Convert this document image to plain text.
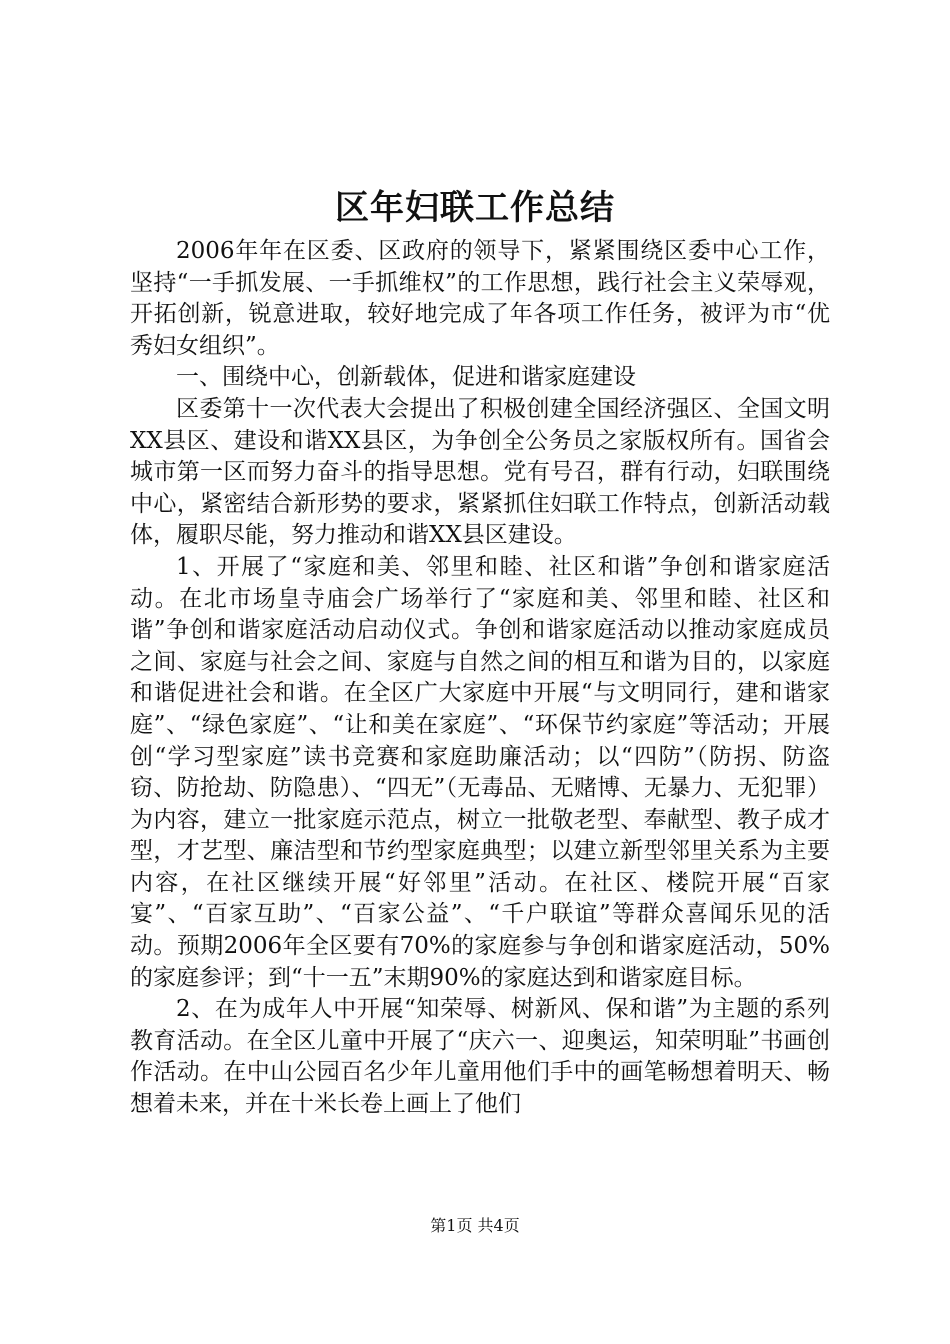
区年妇联工作总结

2006年年在区委、区政府的领导下，紧紧围绕区委中心工作，坚持“一手抓发展、一手抓维权”的工作思想，践行社会主义荣辱观，开拓创新，锐意进取，较好地完成了年各项工作任务，被评为市“优秀妇女组织”。

一、围绕中心，创新载体，促进和谐家庭建设

区委第十一次代表大会提出了积极创建全国经济强区、全国文明XX县区、建设和谐XX县区，为争创全公务员之家版权所有。国省会城市第一区而努力奋斗的指导思想。党有号召，群有行动，妇联围绕中心，紧密结合新形势的要求，紧紧抓住妇联工作特点，创新活动载体，履职尽能，努力推动和谐XX县区建设。

1、开展了“家庭和美、邻里和睦、社区和谐”争创和谐家庭活动。在北市场皇寺庙会广场举行了“家庭和美、邻里和睦、社区和谐”争创和谐家庭活动启动仪式。争创和谐家庭活动以推动家庭成员之间、家庭与社会之间、家庭与自然之间的相互和谐为目的，以家庭和谐促进社会和谐。在全区广大家庭中开展“与文明同行，建和谐家庭”、“绿色家庭”、“让和美在家庭”、“环保节约家庭”等活动；开展创“学习型家庭”读书竞赛和家庭助廉活动；以“四防”（防拐、防盗窃、防抢劫、防隐患）、“四无”（无毒品、无赌博、无暴力、无犯罪）为内容，建立一批家庭示范点，树立一批敬老型、奉献型、教子成才型，才艺型、廉洁型和节约型家庭典型；以建立新型邻里关系为主要内容，在社区继续开展“好邻里”活动。在社区、楼院开展“百家宴”、“百家互助”、“百家公益”、“千户联谊”等群众喜闻乐见的活动。预期2006年全区要有70%的家庭参与争创和谐家庭活动，50%的家庭参评；到“十一五”末期90%的家庭达到和谐家庭目标。

2、在为成年人中开展“知荣辱、树新风、保和谐”为主题的系列教育活动。在全区儿童中开展了“庆六一、迎奥运，知荣明耻”书画创作活动。在中山公园百名少年儿童用他们手中的画笔畅想着明天、畅想着未来，并在十米长卷上画上了他们

第1页 共4页
